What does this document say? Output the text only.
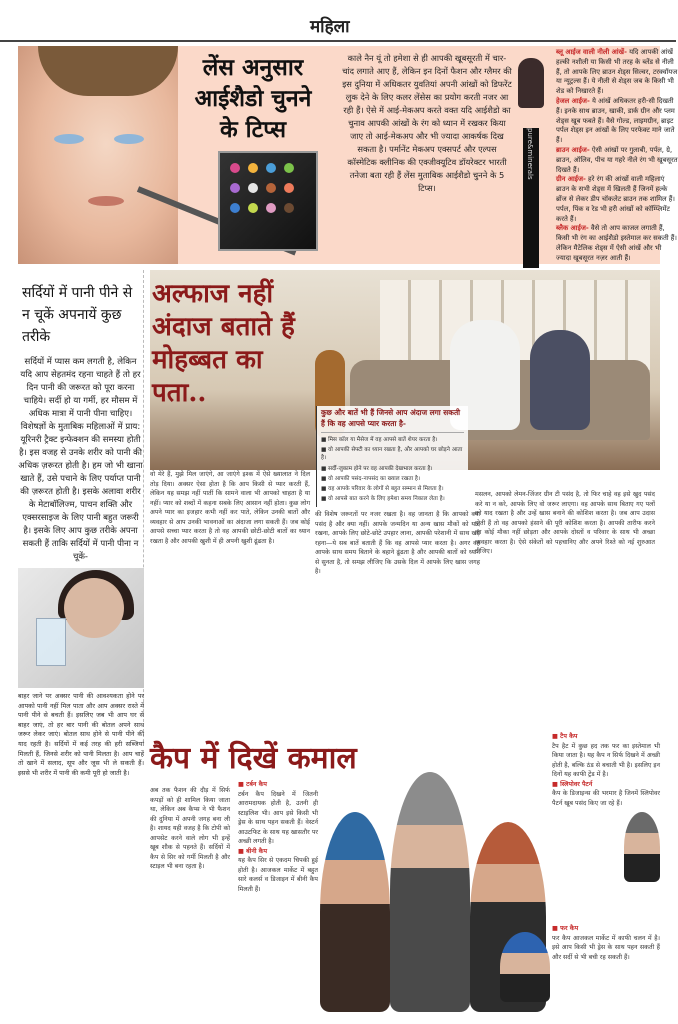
महिला
लेंस अनुसार
आईशैडो चुनने
के टिप्स
काले नैन यूं तो हमेशा से ही आपकी खूबसूरती में चार-चांद लगाते आए हैं, लेकिन इन दिनों फैशन और ग्लैमर की इस दुनिया में अधिकतर युवतियां अपनी आंखों को डिफरेंट लुक देने के लिए कलर लेंसेस का प्रयोग करती नजर आ रही हैं। ऐसे में आई-मेकअप करते वक्त यदि आईशैडो का चुनाव आपकी आंखों के रंग को ध्यान में रखकर किया जाए तो आई-मेकअप और भी ज्यादा आकर्षक दिख सकता है। पर्मानेंट मेकअप एक्सपर्ट और एल्पस कॉस्मेटिक क्लीनिक की एक्जीक्यूटिव डॉयरेक्टर भारती तनेजा बता रही हैं लेंस मुताबिक आईशैडो चुनने के 5 टिप्स।
pure&minerals

ब्लू आईज वाली नीली आंखें- यदि आपकी आंखें हल्की नशीली या किसी भी तरह के ब्लेंड से नीली हैं, तो आपके लिए ब्राउन शेड्स सिल्वर, टरक्वॉयज या न्यूट्रल्स हैं। ये नीली से शेड्स जब के किसी भी शेड को निखारते हैं।

हेजल आईज- ये आंखें अधिकतर हरी-सी दिखती हैं। इनके साथ ब्राउन, खाकी, डार्क ग्रीन और प्लम शेड्स खूब फबते हैं। वैसे गोल्ड, लाइमग्रीन, ब्राइट पर्पल शेड्स इन आंखों के लिए परफेक्ट माने जाते हैं।

ब्राउन आईज- ऐसी आंखों पर गुलाबी, पर्पल, ग्रे, ब्राउन, ऑलिव, पीच या गहरे नीले रंग भी खूबसूरत दिखते हैं।

ग्रीन आईज- हरे रंग की आंखों वाली महिलाएं ब्राउन के सभी शेड्स में खिलती हैं जिनमें हल्के ब्रोंज से लेकर डीप चॉकलेट ब्राउन तक शामिल हैं। पर्पल, पिंक व रेड भी हरी आंखों को कॉम्प्लिमेंट करते हैं।

ब्लैक आईज- वैसे तो आप काजल लगाती हैं, किसी भी रंग का आईशैडो इस्तेमाल कर सकती हैं। लेकिन मैटेलिक शेड्स में ऐसी आंखें और भी ज्यादा खूबसूरत नज़र आती हैं।

सर्दियों में पानी पीने से न चूकें अपनायें कुछ तरीके
सर्दियों में प्यास कम लगती है, लेकिन यदि आप सेहतमंद रहना चाहते हैं तो हर दिन पानी की जरूरत को पूरा करना चाहिये। सर्दी हो या गर्मी, हर मौसम में अधिक मात्रा में पानी पीना चाहिए। विशेषज्ञों के मुताबिक महिलाओं में प्राय: यूरिनरी ट्रैक्ट इन्फेक्शन की समस्या होती है। इस वजह से उनके शरीर को पानी की अधिक ज़रूरत होती है। हम जो भी खाना खाते हैं, उसे पचाने के लिए पर्याप्त पानी की ज़रूरत होती है। इसके अलावा शरीर के मेटाबॉलिज्म, पाचन शक्ति और एक्सरसाइज के लिए पानी बहुत जरूरी है। इसके लिए आप कुछ तरीके अपना सकती हैं ताकि सर्दियों में पानी पीना न चूकें-
बाहर जाने पर अक्सर पानी की आवश्यकता होने पर आपको पानी नहीं मिल पाता और आप अक्सर रास्ते में पानी पीने से बचती हैं। इसलिए जब भी आप घर से बाहर जाएं, तो हर बार पानी की बोतल अपने साथ जरूर लेकर जाएं। बोतल साथ होने से पानी पीने की याद रहती है। सर्दियों में कई तरह की हरी सब्जियां मिलती हैं, जिनसे शरीर को पानी मिलता है। आप चाहें तो खाने में सलाद, सूप और जूस भी ले सकती हैं। इससे भी शरीर में पानी की कमी पूरी हो जाती है।
अल्फाज नहीं
अंदाज बताते हैं
मोहब्बत का
पता..
कुछ और बातें भी हैं जिनसे आप अंदाज लगा सकती हैं कि वह आपसे प्यार करता है-
■ मिस कॉल या मैसेज में वह आपसे बातें शेयर करता है।
■ वो आपकी सेफ्टी का ध्यान रखता है, और आपको घर छोड़ने आता है।
■ सर्दी-जुकाम होने पर वह आपकी देखभाल करता है।
■ वो आपकी पसंद-नापसंद का ख्याल रखता है।
■ वह आपके परिवार के लोगों से बहुत सम्मान से मिलता है।
■ वो आपसे बात करने के लिए हमेशा समय निकाल लेता है।
वो मेरे हैं, मुझे मिल जाएंगे, आ जाएंगे इश्क में ऐसे ख्यालात ने दिल तोड़ दिया। अक्सर ऐसा होता है कि आप किसी से प्यार करती हैं, लेकिन यह समझ नहीं पातीं कि सामने वाला भी आपको चाहता है या नहीं। प्यार को शब्दों में कहना सबके लिए आसान नहीं होता। कुछ लोग अपने प्यार का इजहार कभी नहीं कर पाते, लेकिन उनकी बातों और व्यवहार से आप उनकी भावनाओं का अंदाजा लगा सकती हैं। जब कोई आपसे सच्चा प्यार करता है तो वह आपकी छोटी-छोटी बातों का ध्यान रखता है और आपकी खुशी में ही अपनी खुशी ढूंढता है।
की विशेष जरूरतों पर नजर रखता है। वह जानता है कि आपको क्या पसंद है और क्या नहीं। आपके जन्मदिन या अन्य खास मौकों को याद रखना, आपके लिए छोटे-छोटे उपहार लाना, आपकी परेशानी में साथ खड़े रहना—ये सब बातें बताती हैं कि वह आपसे प्यार करता है। अगर वह आपके साथ समय बिताने के बहाने ढूंढता है और आपकी बातों को ध्यान से सुनता है, तो समझ लीजिए कि उसके दिल में आपके लिए खास जगह है।
मसलन, आपको लेमन-जिंजर ग्रीन टी पसंद है, तो फिर चाहे वह इसे खुद पसंद करे या न करे, आपके लिए वो जरूर लाएगा। वह आपके साथ बिताए गए पलों को याद रखता है और उन्हें खास बनाने की कोशिश करता है। जब आप उदास होती हैं तो वह आपको हंसाने की पूरी कोशिश करता है। आपकी तारीफ करने का कोई मौका नहीं छोड़ता और आपके दोस्तों व परिवार के साथ भी अच्छा व्यवहार करता है। ऐसे संकेतों को पहचानिए और अपने रिश्ते को नई शुरुआत दीजिए।
कैप में दिखें कमाल
अब तक फैशन की दौड़ में सिर्फ कपड़ों को ही शामिल किया जाता था, लेकिन अब कैप्स ने भी फैशन की दुनिया में अपनी जगह बना ली है। शायद यही वजह है कि टोपी को आपसेट करने वाले लोग भी इन्हें खूब शौक से पहनते हैं। सर्दियों में कैप से सिर को गर्मी मिलती है और स्टाइल भी बना रहता है।

■ टर्बन कैप

टर्बन कैप दिखने में जितनी आरामदायक होती है, उतनी ही स्टाइलिश भी। आप इसे किसी भी ड्रेस के साथ पहन सकती हैं। वेस्टर्न आउटफिट के साथ यह खासतौर पर अच्छी लगती है।

■ बीनी कैप

यह कैप सिर से एकदम चिपकी हुई होती है। आजकल मार्केट में बहुत सारे कलर्स व डिजाइन में बीनी कैप मिलती हैं।

■ टैप कैप

टैप हैट में कुछ हद तक फर का इस्तेमाल भी किया जाता है। यह कैप न सिर्फ दिखने में अच्छी होती है, बल्कि ठंड से बचाती भी है। इसलिए इन दिनों यह काफी ट्रेंड में है।

■ स्लिपोवर पैटर्न

कैप के डिजाइन्स की भरमार है जिनमें स्लिपोवर पैटर्न खूब पसंद किए जा रहे हैं।

■ फर कैप

फर कैप आजकल मार्केट में काफी चलन में है। इसे आप किसी भी ड्रेस के साथ पहन सकती हैं और सर्दी से भी बची रह सकती हैं।
